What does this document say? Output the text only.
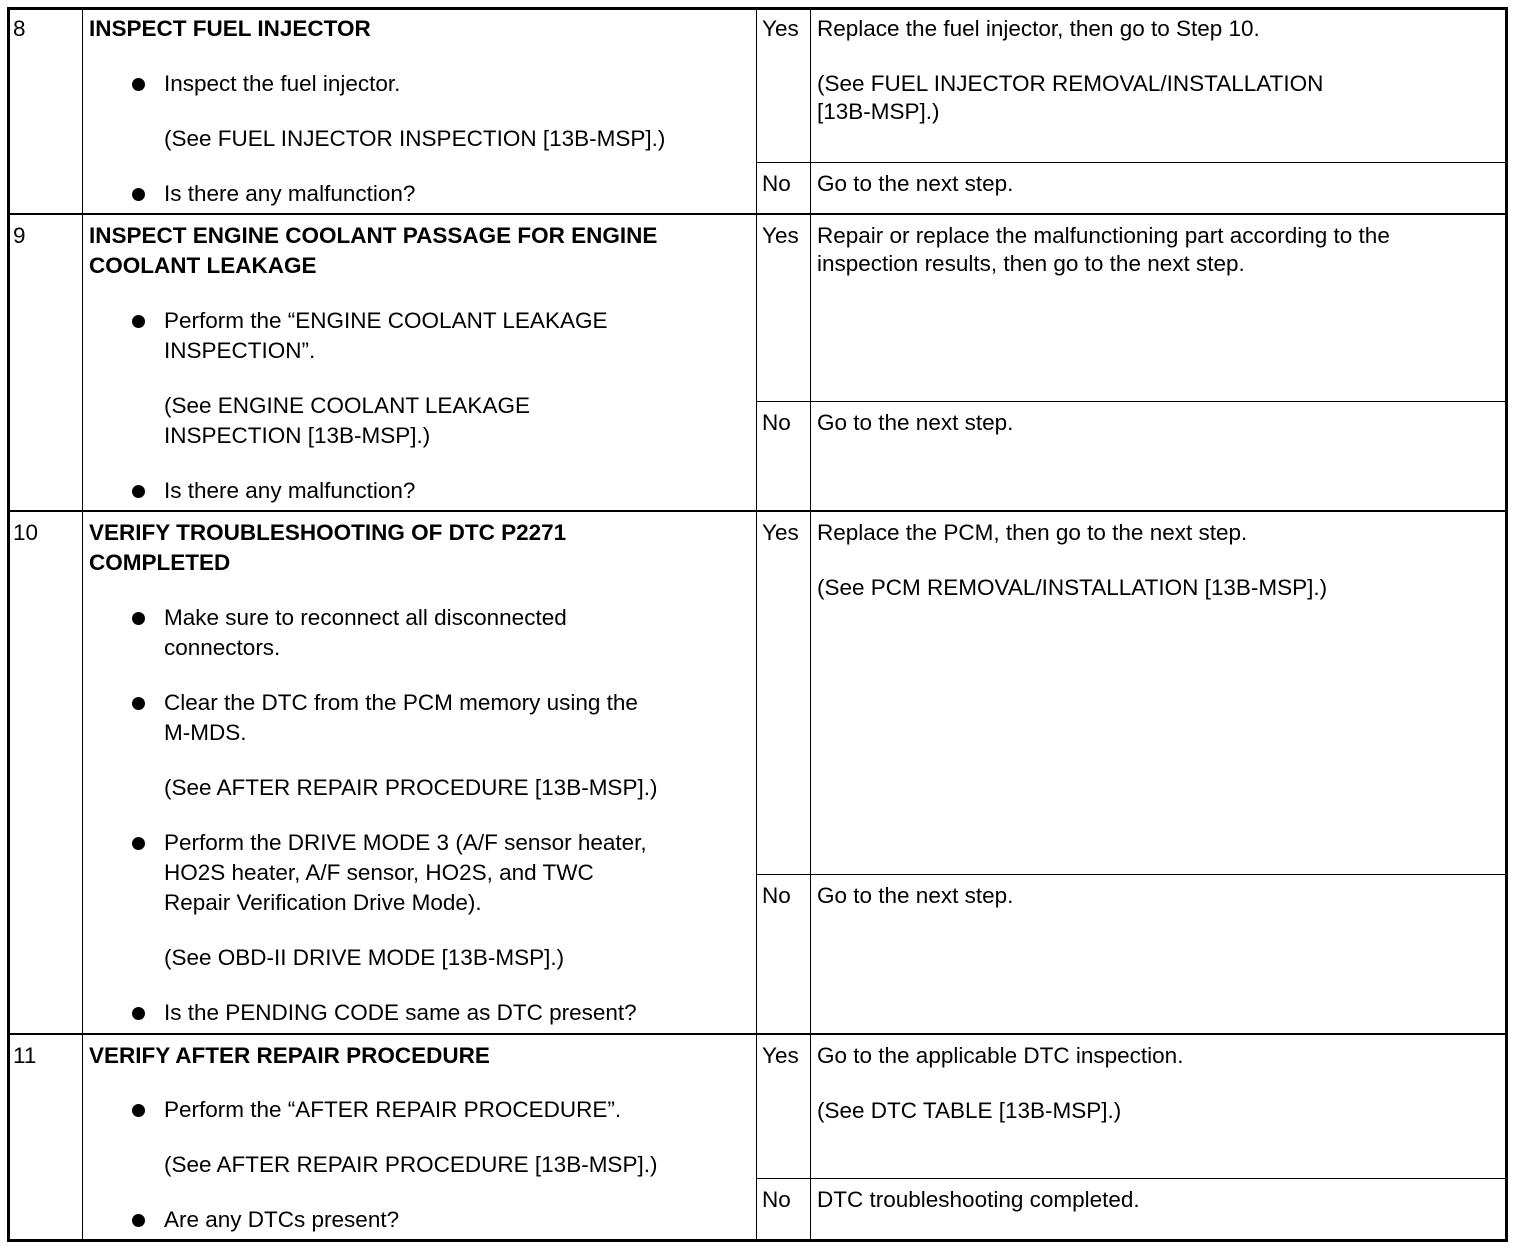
8	INSPECT FUEL INJECTOR
Inspect the fuel injector.
(See FUEL INJECTOR INSPECTION [13B-MSP].)
Is there any malfunction?
Yes Replace the fuel injector, then go to Step 10.
(See FUEL INJECTOR REMOVAL/INSTALLATION
[13B-MSP].)
No Go to the next step.
9	INSPECT ENGINE COOLANT PASSAGE FOR ENGINE
COOLANT LEAKAGE
Perform the “ENGINE COOLANT LEAKAGE
INSPECTION”.
(See ENGINE COOLANT LEAKAGE
INSPECTION [13B-MSP].)
Is there any malfunction?
Yes Repair or replace the malfunctioning part according to the
inspection results, then go to the next step.
No Go to the next step.
10 VERIFY TROUBLESHOOTING OF DTC P2271
COMPLETED
Make sure to reconnect all disconnected
connectors.
Clear the DTC from the PCM memory using the
M-MDS.
(See AFTER REPAIR PROCEDURE [13B-MSP].)
Perform the DRIVE MODE 3 (A/F sensor heater,
HO2S heater, A/F sensor, HO2S, and TWC
Repair Verification Drive Mode).
(See OBD-II DRIVE MODE [13B-MSP].)
Is the PENDING CODE same as DTC present?
Yes Replace the PCM, then go to the next step.
(See PCM REMOVAL/INSTALLATION [13B-MSP].)
No Go to the next step.
11 VERIFY AFTER REPAIR PROCEDURE
Perform the “AFTER REPAIR PROCEDURE”.
(See AFTER REPAIR PROCEDURE [13B-MSP].)
Are any DTCs present?
Yes Go to the applicable DTC inspection.
(See DTC TABLE [13B-MSP].)
No DTC troubleshooting completed.
